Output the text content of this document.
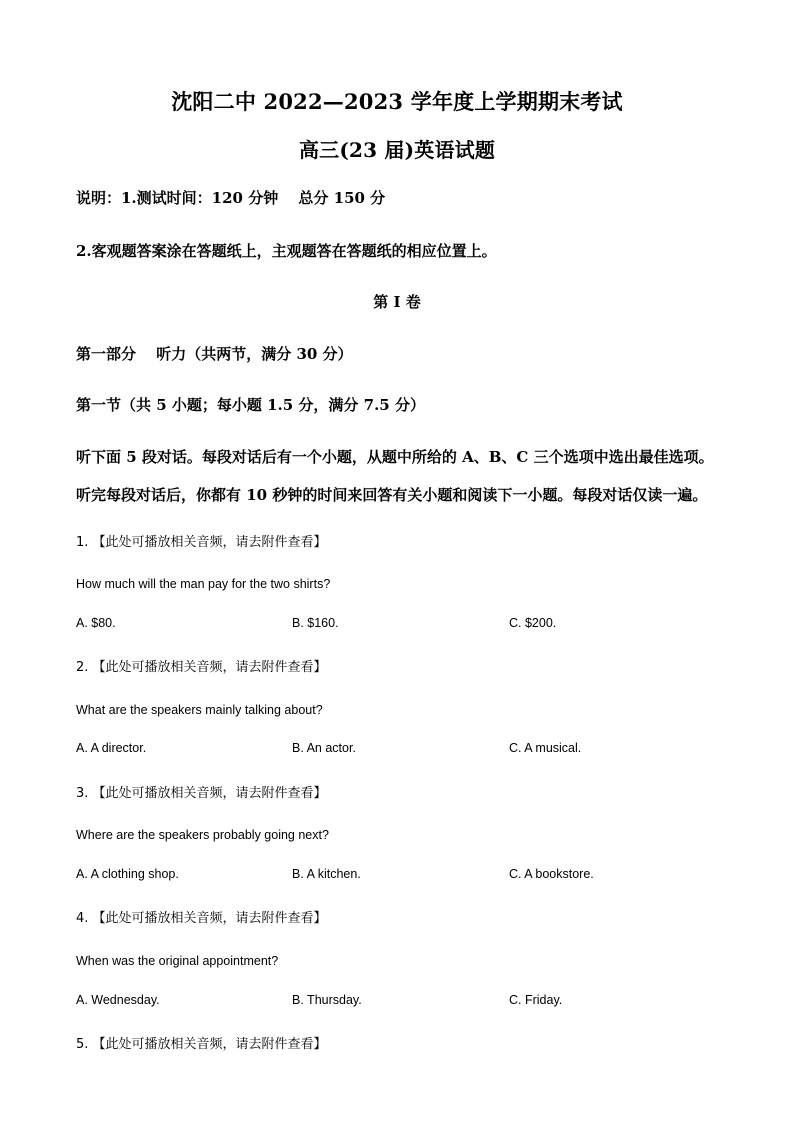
沈阳二中 2022—2023 学年度上学期期末考试
高三(23 届)英语试题
说明：1.测试时间：120 分钟 　总分 150 分
2.客观题答案涂在答题纸上，主观题答在答题纸的相应位置上。
第 I 卷
第一部分 　听力（共两节，满分 30 分）
第一节（共 5 小题；每小题 1.5 分，满分 7.5 分）
听下面 5 段对话。每段对话后有一个小题，从题中所给的 A、B、C 三个选项中选出最佳选项。
听完每段对话后，你都有 10 秒钟的时间来回答有关小题和阅读下一小题。每段对话仅读一遍。
1. 【此处可播放相关音频，请去附件查看】
How much will the man pay for the two shirts?
A. $80.	B. $160.	C. $200.
2. 【此处可播放相关音频，请去附件查看】
What are the speakers mainly talking about?
A. A director.	B. An actor.	C. A musical.
3. 【此处可播放相关音频，请去附件查看】
Where are the speakers probably going next?
A. A clothing shop.	B. A kitchen.	C. A bookstore.
4. 【此处可播放相关音频，请去附件查看】
When was the original appointment?
A. Wednesday.	B. Thursday.	C. Friday.
5. 【此处可播放相关音频，请去附件查看】
